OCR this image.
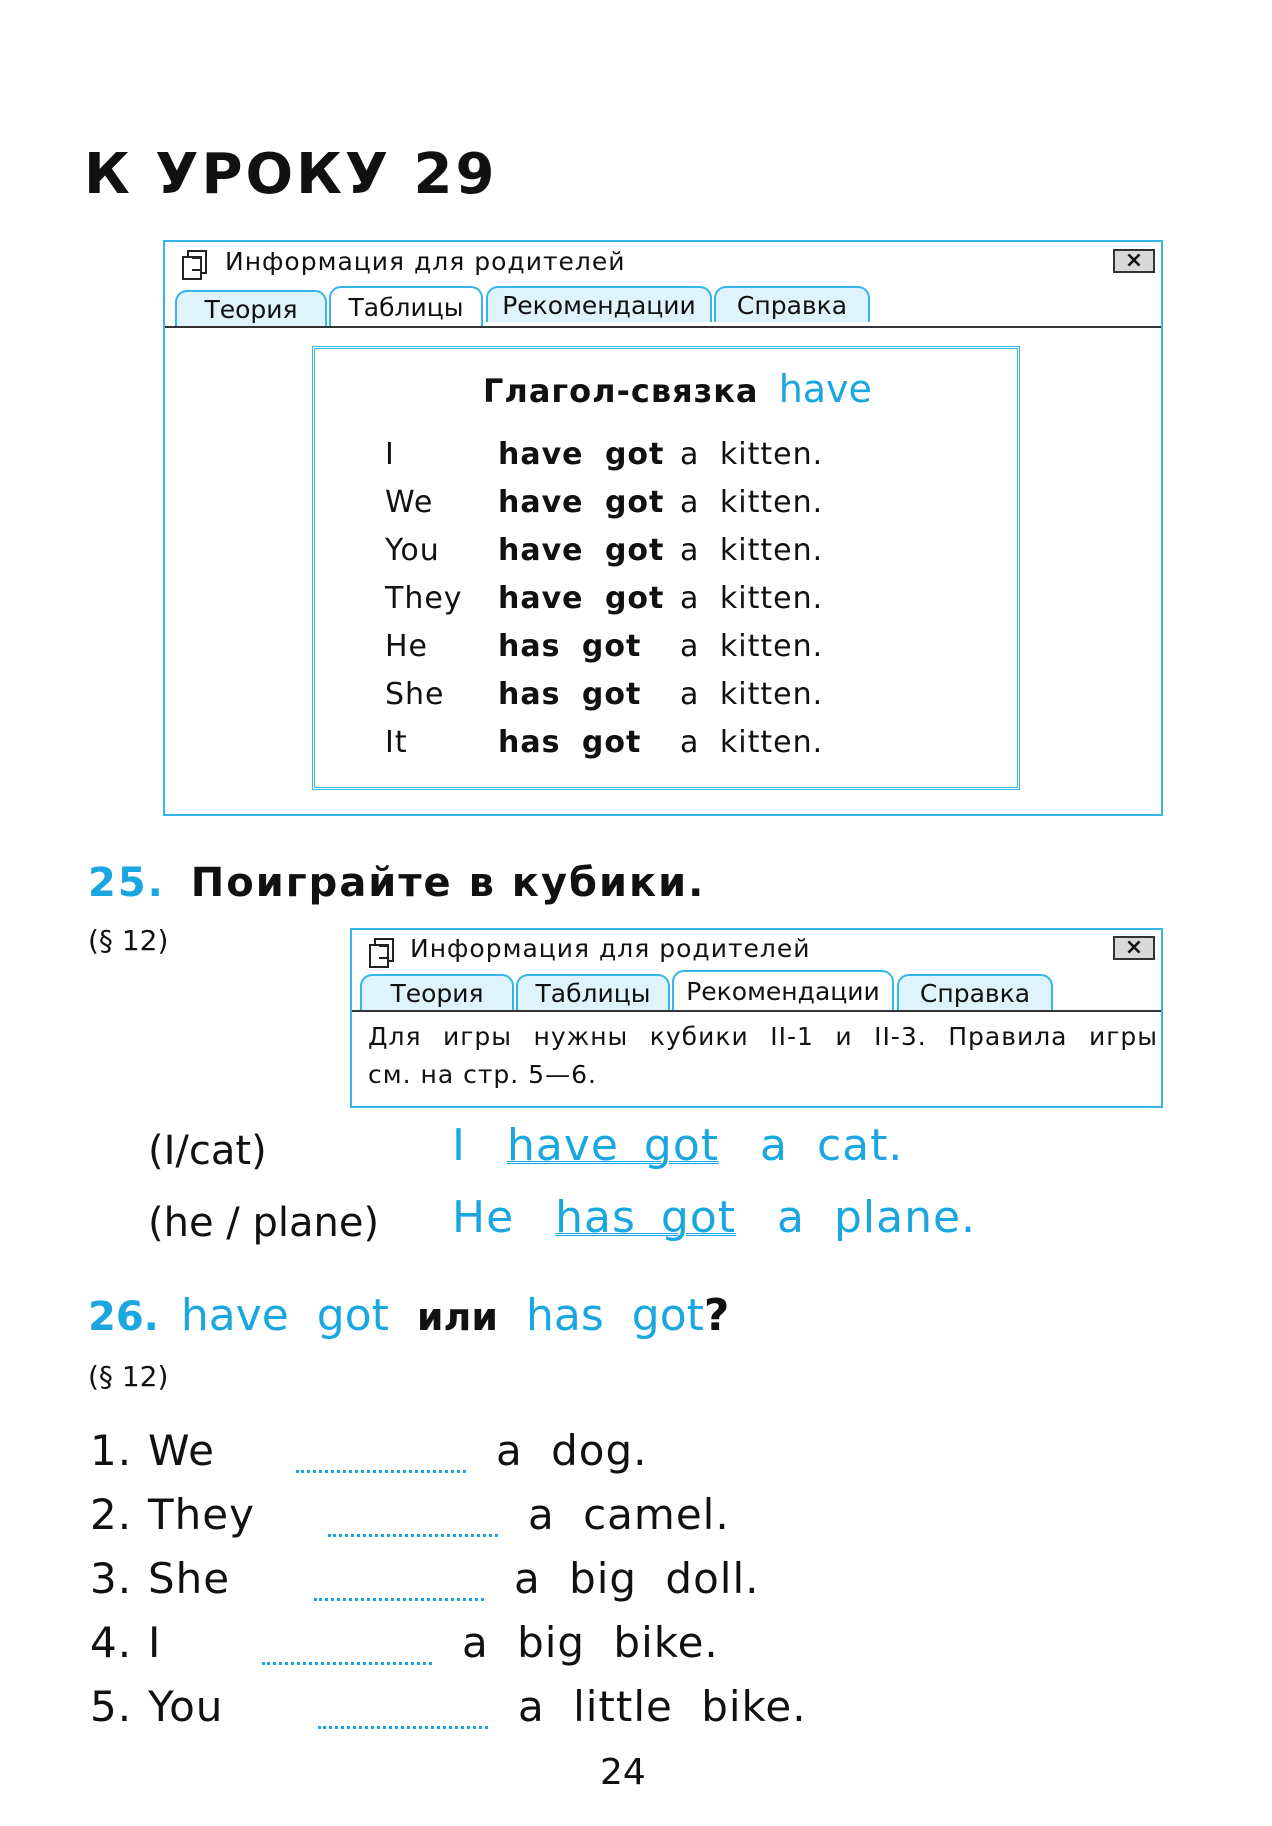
К УРОКУ 29
Информация для родителей	×
Теория	Таблицы	Рекомендации	Справка
Глагол-связка have
I	have got a kitten.
We have got a kitten.
You have got a kitten.
They have got a kitten.
He has got a kitten.
She has got a kitten.
It	has got a kitten.
25. Поиграйте в кубики.
(§ 12)	Информация для родителей	×
Теория	Таблицы	Рекомендации	Справка
Для игры нужны кубики II-1 и II-3. Правила игры
см. на стр. 5—6.
(I/cat)	I have got a cat.
(he / plane) He has got a plane.
26. have got или has got?
(§ 12)
1. We	a dog.
2. They	a camel.
3. She	a big doll.
4. I	a big bike.
5. You	a little bike.
24
